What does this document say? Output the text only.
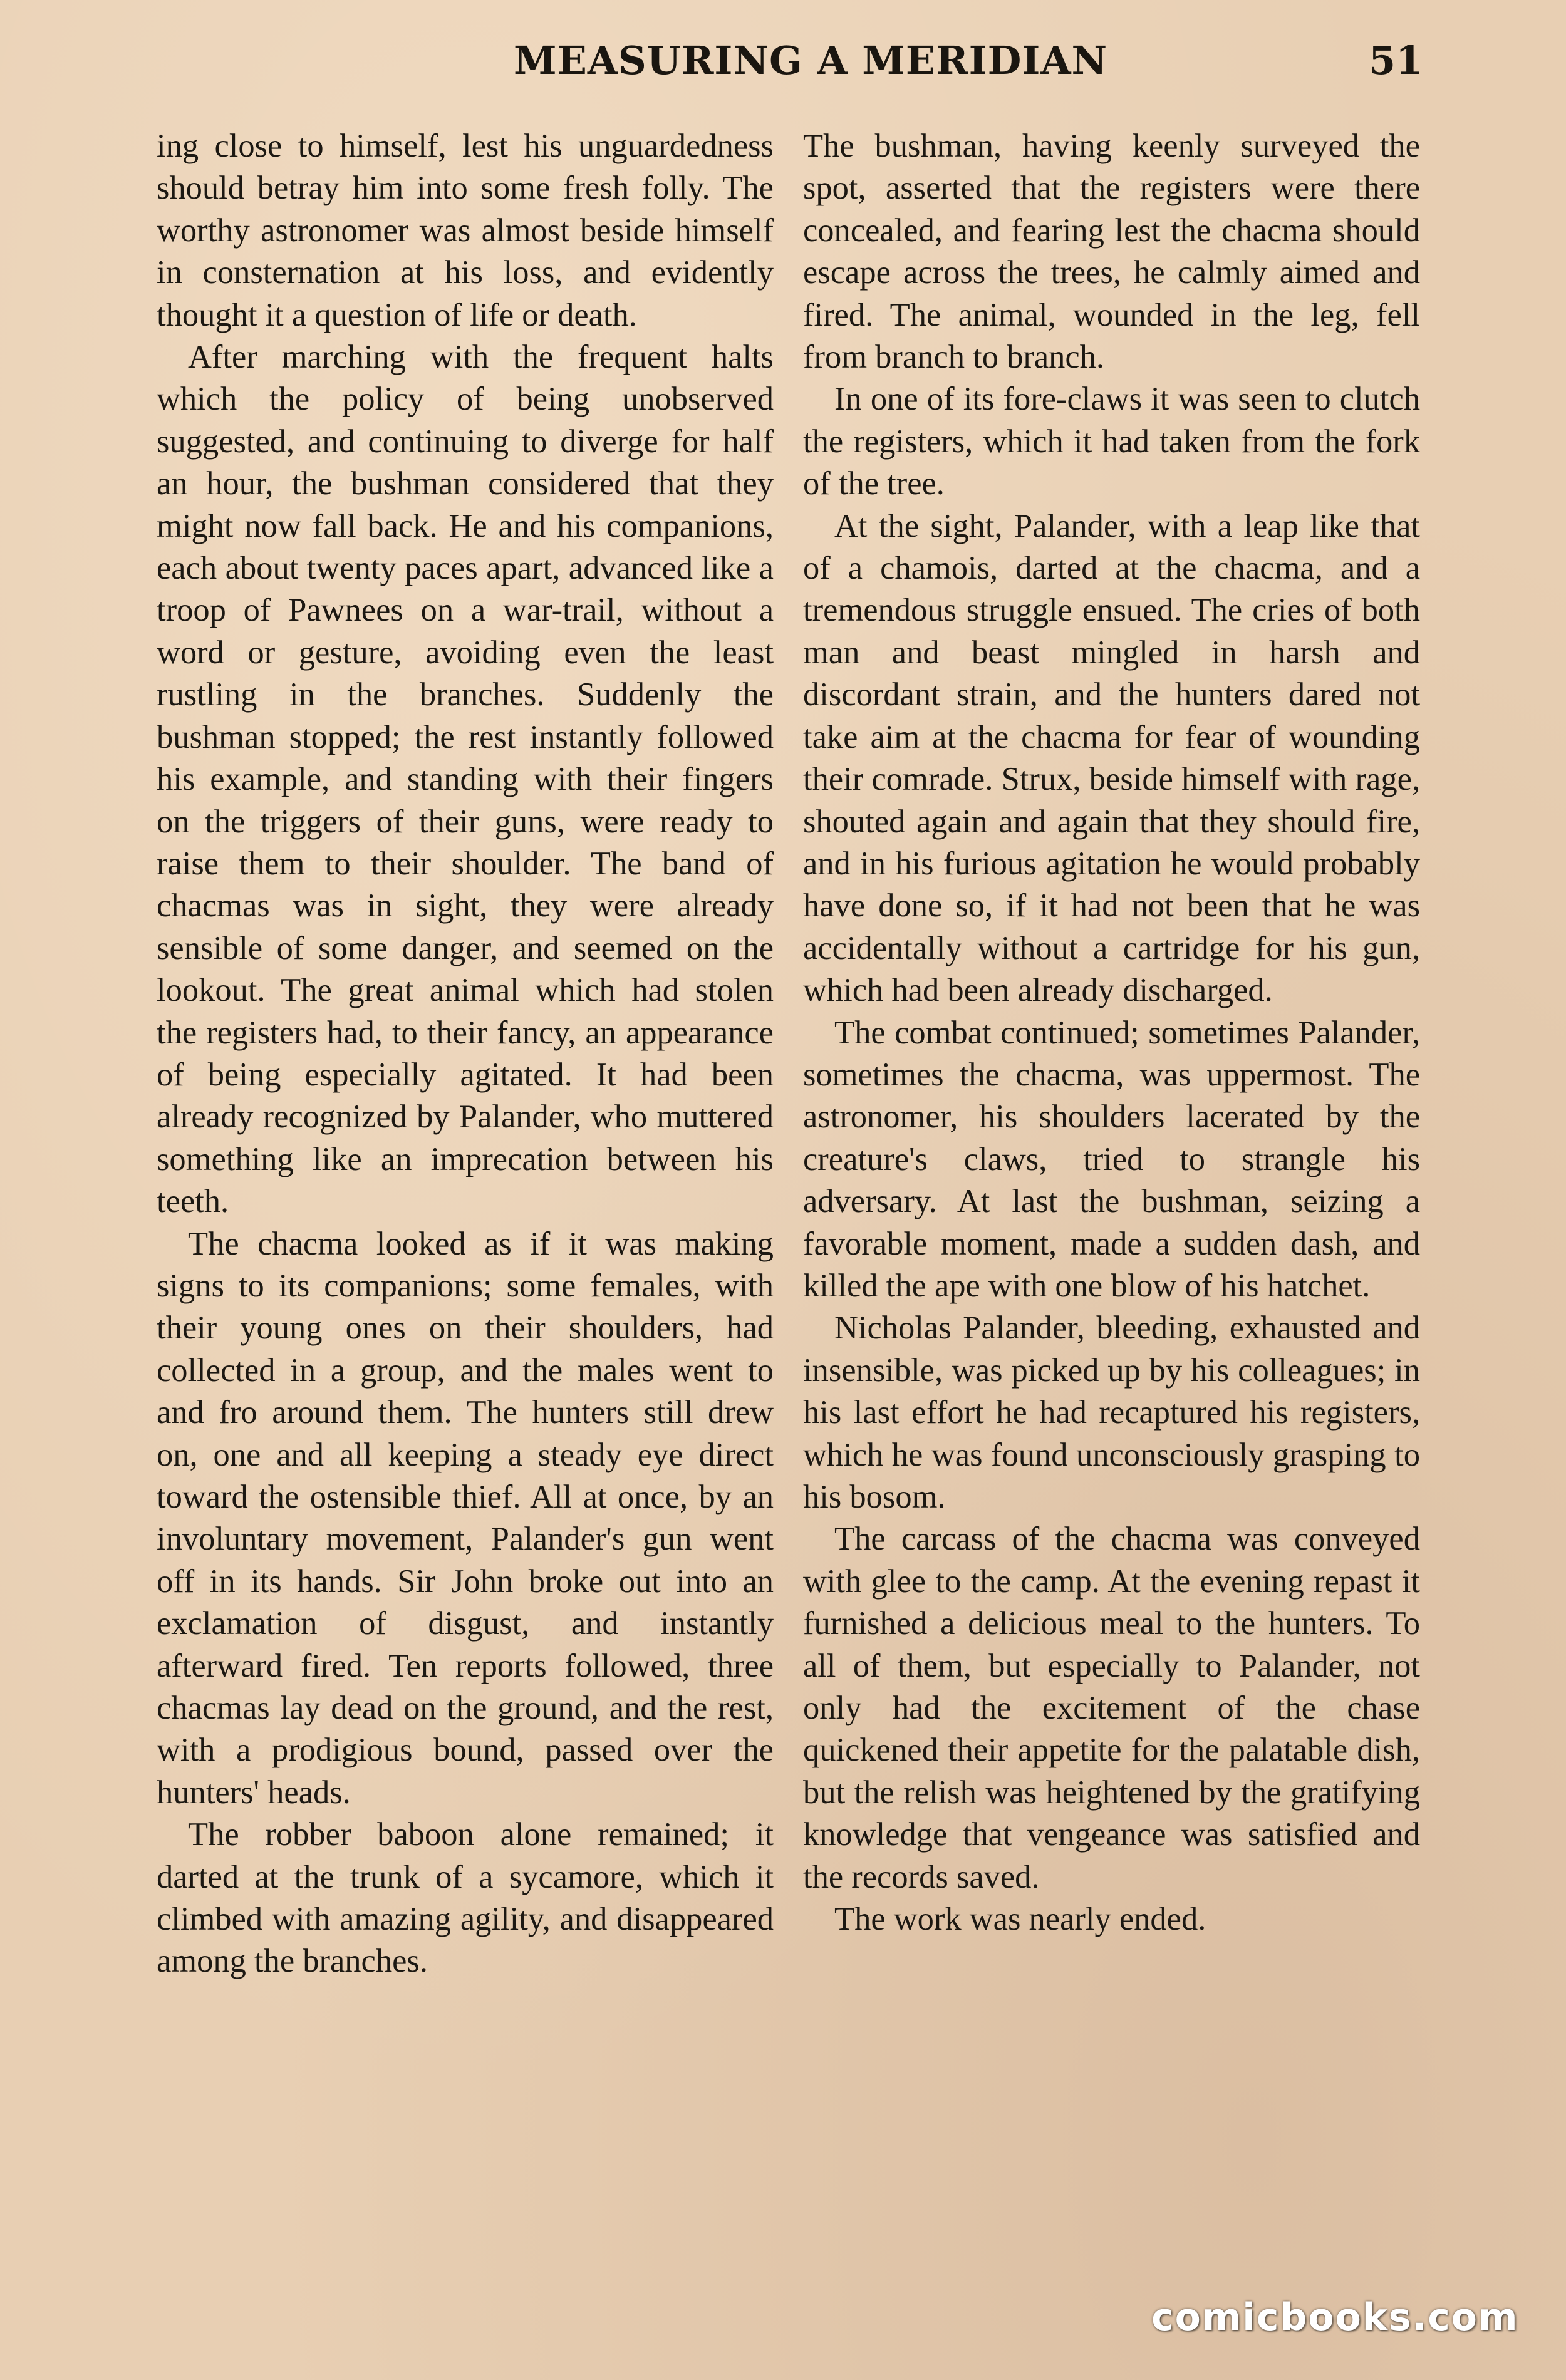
MEASURING A MERIDIAN	51

ing close to himself, lest his unguardedness should betray him into some fresh folly. The worthy astronomer was almost beside himself in consternation at his loss, and evidently thought it a question of life or death.

After marching with the frequent halts which the policy of being unobserved suggested, and continuing to diverge for half an hour, the bushman considered that they might now fall back. He and his companions, each about twenty paces apart, advanced like a troop of Pawnees on a war-trail, without a word or gesture, avoiding even the least rustling in the branches. Suddenly the bushman stopped; the rest instantly followed his example, and standing with their fingers on the triggers of their guns, were ready to raise them to their shoulder. The band of chacmas was in sight, they were already sensible of some danger, and seemed on the lookout. The great animal which had stolen the registers had, to their fancy, an appearance of being especially agitated. It had been already recognized by Palander, who muttered something like an imprecation between his teeth.

The chacma looked as if it was making signs to its companions; some females, with their young ones on their shoulders, had collected in a group, and the males went to and fro around them. The hunters still drew on, one and all keeping a steady eye direct toward the ostensible thief. All at once, by an involuntary movement, Palander's gun went off in its hands. Sir John broke out into an exclamation of disgust, and instantly afterward fired. Ten reports followed, three chacmas lay dead on the ground, and the rest, with a prodigious bound, passed over the hunters' heads.

The robber baboon alone remained; it darted at the trunk of a sycamore, which it climbed with amazing agility, and disappeared among the branches.

The bushman, having keenly surveyed the spot, asserted that the registers were there concealed, and fearing lest the chacma should escape across the trees, he calmly aimed and fired. The animal, wounded in the leg, fell from branch to branch.

In one of its fore-claws it was seen to clutch the registers, which it had taken from the fork of the tree.

At the sight, Palander, with a leap like that of a chamois, darted at the chacma, and a tremendous struggle ensued. The cries of both man and beast mingled in harsh and discordant strain, and the hunters dared not take aim at the chacma for fear of wounding their comrade. Strux, beside himself with rage, shouted again and again that they should fire, and in his furious agitation he would probably have done so, if it had not been that he was accidentally without a cartridge for his gun, which had been already discharged.

The combat continued; sometimes Palander, sometimes the chacma, was uppermost. The astronomer, his shoulders lacerated by the creature's claws, tried to strangle his adversary. At last the bushman, seizing a favorable moment, made a sudden dash, and killed the ape with one blow of his hatchet.

Nicholas Palander, bleeding, exhausted and insensible, was picked up by his colleagues; in his last effort he had recaptured his registers, which he was found unconsciously grasping to his bosom.

The carcass of the chacma was conveyed with glee to the camp. At the evening repast it furnished a delicious meal to the hunters. To all of them, but especially to Palander, not only had the excitement of the chase quickened their appetite for the palatable dish, but the relish was heightened by the gratifying knowledge that vengeance was satisfied and the records saved.

The work was nearly ended.

comicbooks.com
